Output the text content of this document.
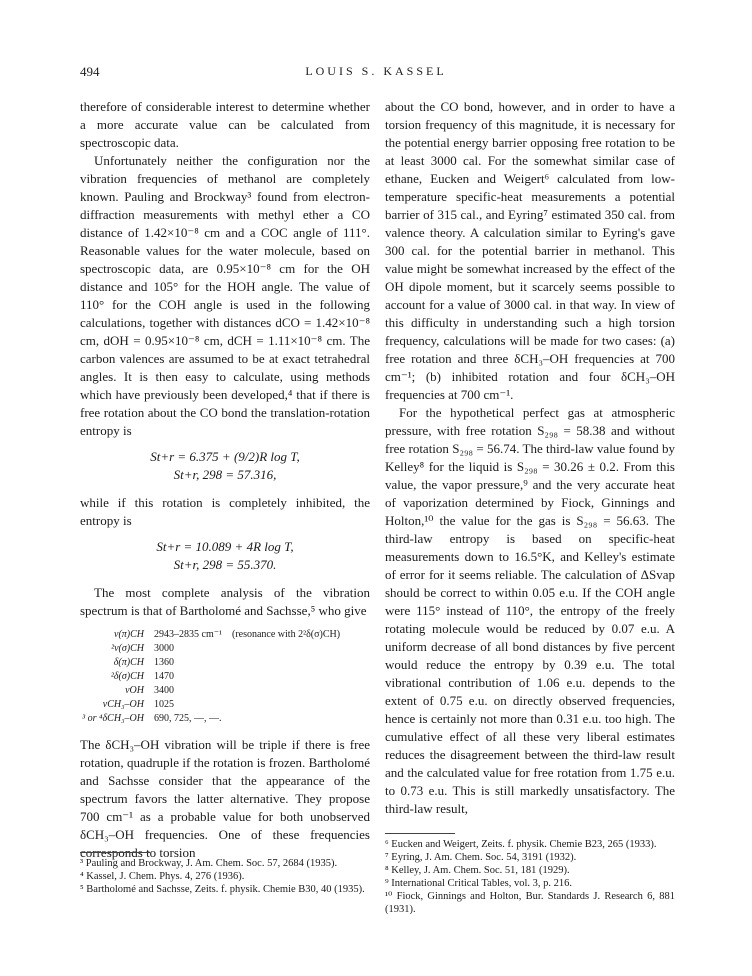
494	LOUIS S. KASSEL

therefore of considerable interest to determine whether a more accurate value can be calculated from spectroscopic data.

Unfortunately neither the configuration nor the vibration frequencies of methanol are completely known. Pauling and Brockway³ found from electron-diffraction measurements with methyl ether a CO distance of 1.42×10⁻⁸ cm and a COC angle of 111°. Reasonable values for the water molecule, based on spectroscopic data, are 0.95×10⁻⁸ cm for the OH distance and 105° for the HOH angle. The value of 110° for the COH angle is used in the following calculations, together with distances dCO = 1.42×10⁻⁸ cm, dOH = 0.95×10⁻⁸ cm, dCH = 1.11×10⁻⁸ cm. The carbon valences are assumed to be at exact tetrahedral angles. It is then easy to calculate, using methods which have previously been developed,⁴ that if there is free rotation about the CO bond the translation-rotation entropy is

St+r = 6.375 + (9/2)R log T,
St+r, 298 = 57.316,

while if this rotation is completely inhibited, the entropy is

St+r = 10.089 + 4R log T,
St+r, 298 = 55.370.

The most complete analysis of the vibration spectrum is that of Bartholomé and Sachsse,⁵ who give

ν(π)CH	2943–2835 cm⁻¹	(resonance with 2²δ(σ)CH)
²ν(σ)CH	3000	
δ(π)CH	1360	
²δ(σ)CH	1470	
νOH	3400	
νCH₃–OH	1025	
³ or ⁴δCH₃–OH	690, 725, —, —.	

The δCH₃–OH vibration will be triple if there is free rotation, quadruple if the rotation is frozen. Bartholomé and Sachsse consider that the appearance of the spectrum favors the latter alternative. They propose 700 cm⁻¹ as a probable value for both unobserved δCH₃–OH frequencies. One of these frequencies corresponds to torsion

about the CO bond, however, and in order to have a torsion frequency of this magnitude, it is necessary for the potential energy barrier opposing free rotation to be at least 3000 cal. For the somewhat similar case of ethane, Eucken and Weigert⁶ calculated from low-temperature specific-heat measurements a potential barrier of 315 cal., and Eyring⁷ estimated 350 cal. from valence theory. A calculation similar to Eyring's gave 300 cal. for the potential barrier in methanol. This value might be somewhat increased by the effect of the OH dipole moment, but it scarcely seems possible to account for a value of 3000 cal. in that way. In view of this difficulty in understanding such a high torsion frequency, calculations will be made for two cases: (a) free rotation and three δCH₃–OH frequencies at 700 cm⁻¹; (b) inhibited rotation and four δCH₃–OH frequencies at 700 cm⁻¹.

For the hypothetical perfect gas at atmospheric pressure, with free rotation S₂₉₈ = 58.38 and without free rotation S₂₉₈ = 56.74. The third-law value found by Kelley⁸ for the liquid is S₂₉₈ = 30.26 ± 0.2. From this value, the vapor pressure,⁹ and the very accurate heat of vaporization determined by Fiock, Ginnings and Holton,¹⁰ the value for the gas is S₂₉₈ = 56.63. The third-law entropy is based on specific-heat measurements down to 16.5°K, and Kelley's estimate of error for it seems reliable. The calculation of ΔSvap should be correct to within 0.05 e.u. If the COH angle were 115° instead of 110°, the entropy of the freely rotating molecule would be reduced by 0.07 e.u. A uniform decrease of all bond distances by five percent would reduce the entropy by 0.39 e.u. The total vibrational contribution of 1.06 e.u. depends to the extent of 0.75 e.u. on directly observed frequencies, hence is certainly not more than 0.31 e.u. too high. The cumulative effect of all these very liberal estimates reduces the disagreement between the third-law result and the calculated value for free rotation from 1.75 e.u. to 0.73 e.u. This is still markedly unsatisfactory. The third-law result,

³ Pauling and Brockway, J. Am. Chem. Soc. 57, 2684 (1935).

⁴ Kassel, J. Chem. Phys. 4, 276 (1936).

⁵ Bartholomé and Sachsse, Zeits. f. physik. Chemie B30, 40 (1935).

⁶ Eucken and Weigert, Zeits. f. physik. Chemie B23, 265 (1933).

⁷ Eyring, J. Am. Chem. Soc. 54, 3191 (1932).

⁸ Kelley, J. Am. Chem. Soc. 51, 181 (1929).

⁹ International Critical Tables, vol. 3, p. 216.

¹⁰ Fiock, Ginnings and Holton, Bur. Standards J. Research 6, 881 (1931).
